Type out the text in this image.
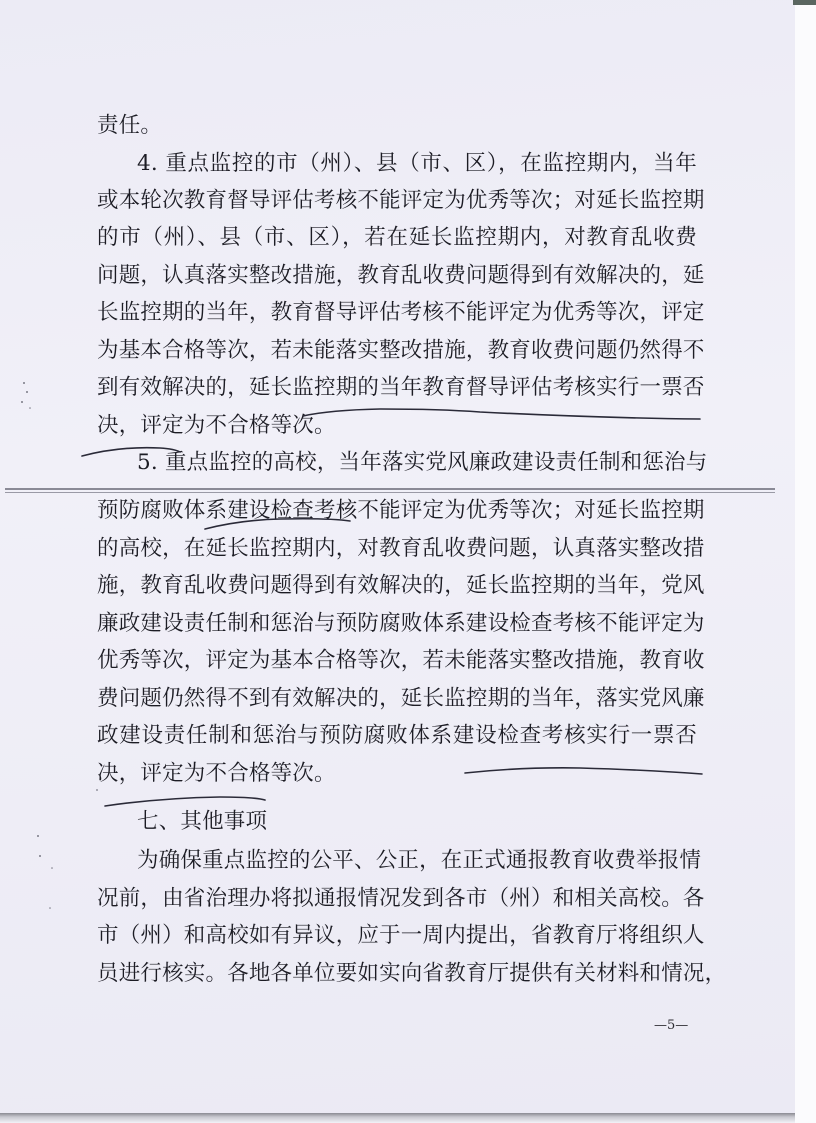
责任。
4. 重点监控的市（州）、县（市、区），在监控期内，当年
或本轮次教育督导评估考核不能评定为优秀等次；对延长监控期
的市（州）、县（市、区），若在延长监控期内，对教育乱收费
问题，认真落实整改措施，教育乱收费问题得到有效解决的，延
长监控期的当年，教育督导评估考核不能评定为优秀等次，评定
为基本合格等次，若未能落实整改措施，教育收费问题仍然得不
到有效解决的，延长监控期的当年教育督导评估考核实行一票否
决，评定为不合格等次。
5. 重点监控的高校，当年落实党风廉政建设责任制和惩治与
预防腐败体系建设检查考核不能评定为优秀等次；对延长监控期
的高校，在延长监控期内，对教育乱收费问题，认真落实整改措
施，教育乱收费问题得到有效解决的，延长监控期的当年，党风
廉政建设责任制和惩治与预防腐败体系建设检查考核不能评定为
优秀等次，评定为基本合格等次，若未能落实整改措施，教育收
费问题仍然得不到有效解决的，延长监控期的当年，落实党风廉
政建设责任制和惩治与预防腐败体系建设检查考核实行一票否
决，评定为不合格等次。
七、其他事项
为确保重点监控的公平、公正，在正式通报教育收费举报情
况前，由省治理办将拟通报情况发到各市（州）和相关高校。各
市（州）和高校如有异议，应于一周内提出，省教育厅将组织人
员进行核实。各地各单位要如实向省教育厅提供有关材料和情况，
—5—
